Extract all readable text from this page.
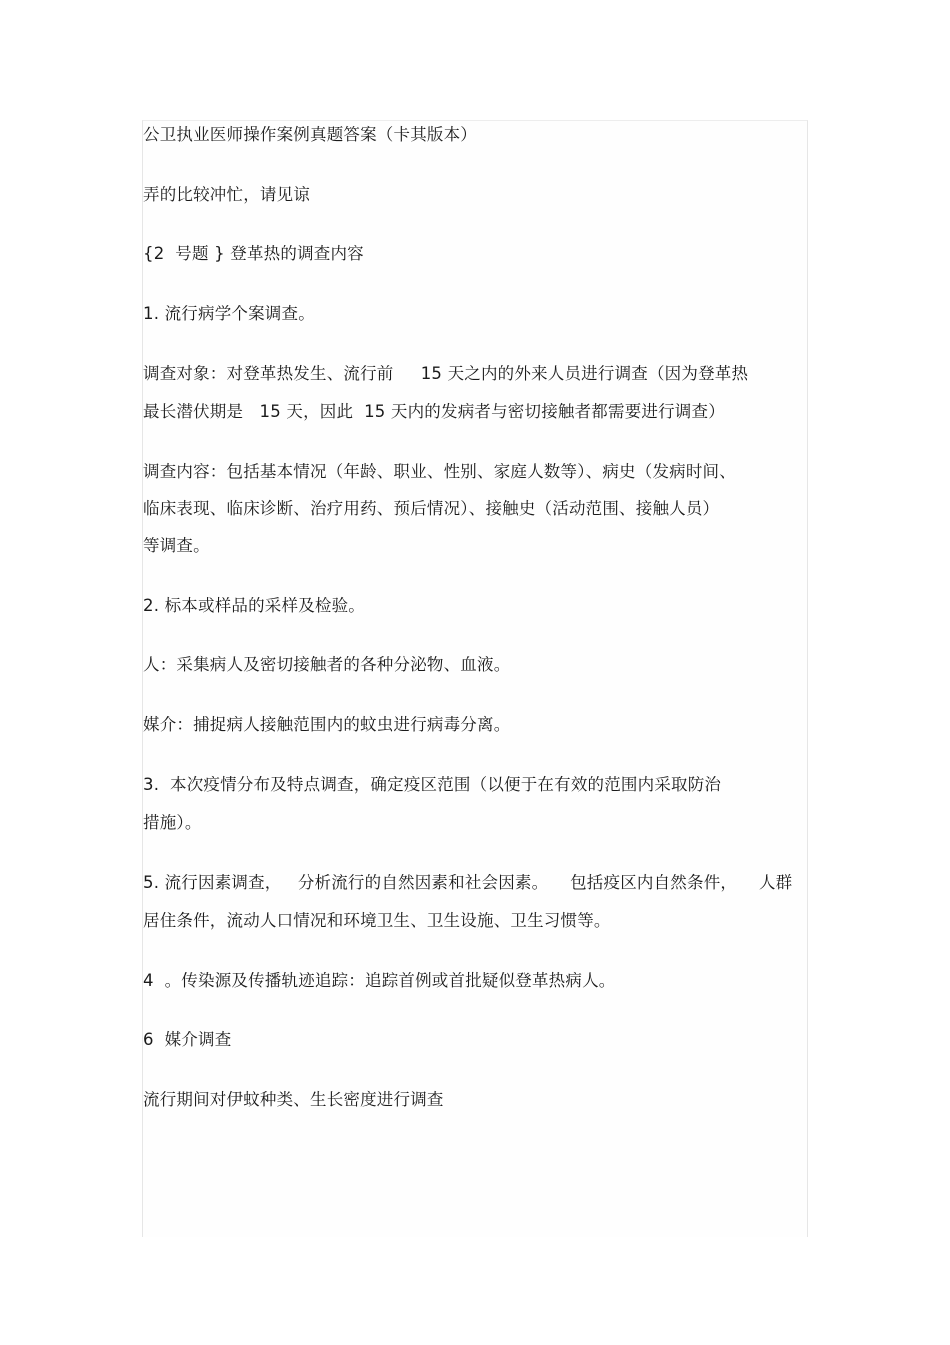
公卫执业医师操作案例真题答案（卡其版本）
弄的比较冲忙，请见谅
{2  号题 } 登革热的调查内容
1. 流行病学个案调查。
调查对象：对登革热发生、流行前     15 天之内的外来人员进行调查（因为登革热
最长潜伏期是   15 天，因此  15 天内的发病者与密切接触者都需要进行调查）
调查内容：包括基本情况（年龄、职业、性别、家庭人数等）、病史（发病时间、
临床表现、临床诊断、治疗用药、预后情况）、接触史（活动范围、接触人员）
等调查。
2. 标本或样品的采样及检验。
人：采集病人及密切接触者的各种分泌物、血液。
媒介：捕捉病人接触范围内的蚊虫进行病毒分离。
3.  本次疫情分布及特点调查，确定疫区范围（以便于在有效的范围内采取防治
措施）。
5. 流行因素调查，   分析流行的自然因素和社会因素。    包括疫区内自然条件，    人群
居住条件，流动人口情况和环境卫生、卫生设施、卫生习惯等。
4  。传染源及传播轨迹追踪：追踪首例或首批疑似登革热病人。
6  媒介调查
流行期间对伊蚊种类、生长密度进行调查
